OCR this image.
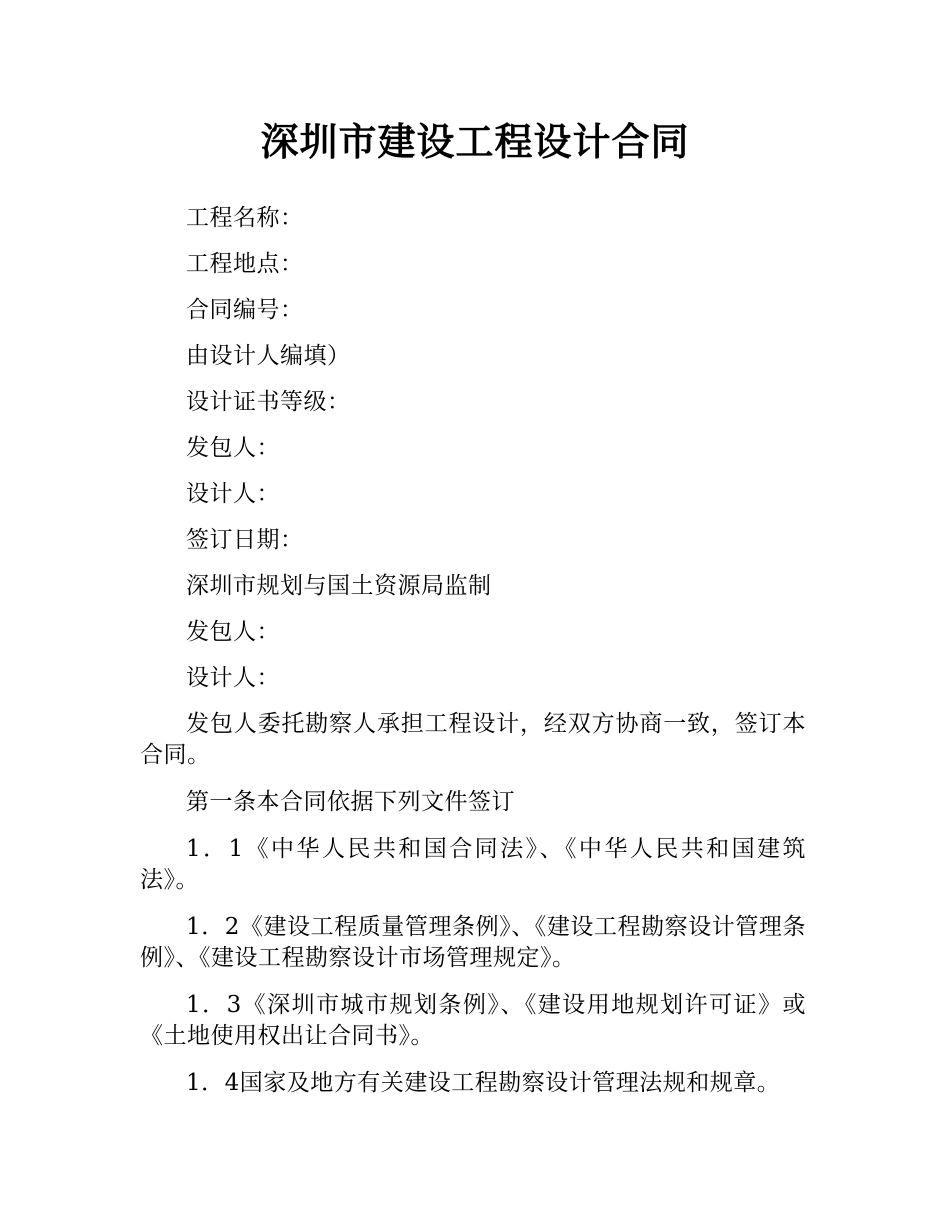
深圳市建设工程设计合同

工程名称：

工程地点：

合同编号：

由设计人编填）

设计证书等级：

发包人：

设计人：

签订日期：

深圳市规划与国土资源局监制

发包人：

设计人：

发包人委托勘察人承担工程设计，经双方协商一致，签订本合同。

第一条本合同依据下列文件签订

1．1《中华人民共和国合同法》、《中华人民共和国建筑法》。

1．2《建设工程质量管理条例》、《建设工程勘察设计管理条例》、《建设工程勘察设计市场管理规定》。

1．3《深圳市城市规划条例》、《建设用地规划许可证》或《土地使用权出让合同书》。

1．4国家及地方有关建设工程勘察设计管理法规和规章。
